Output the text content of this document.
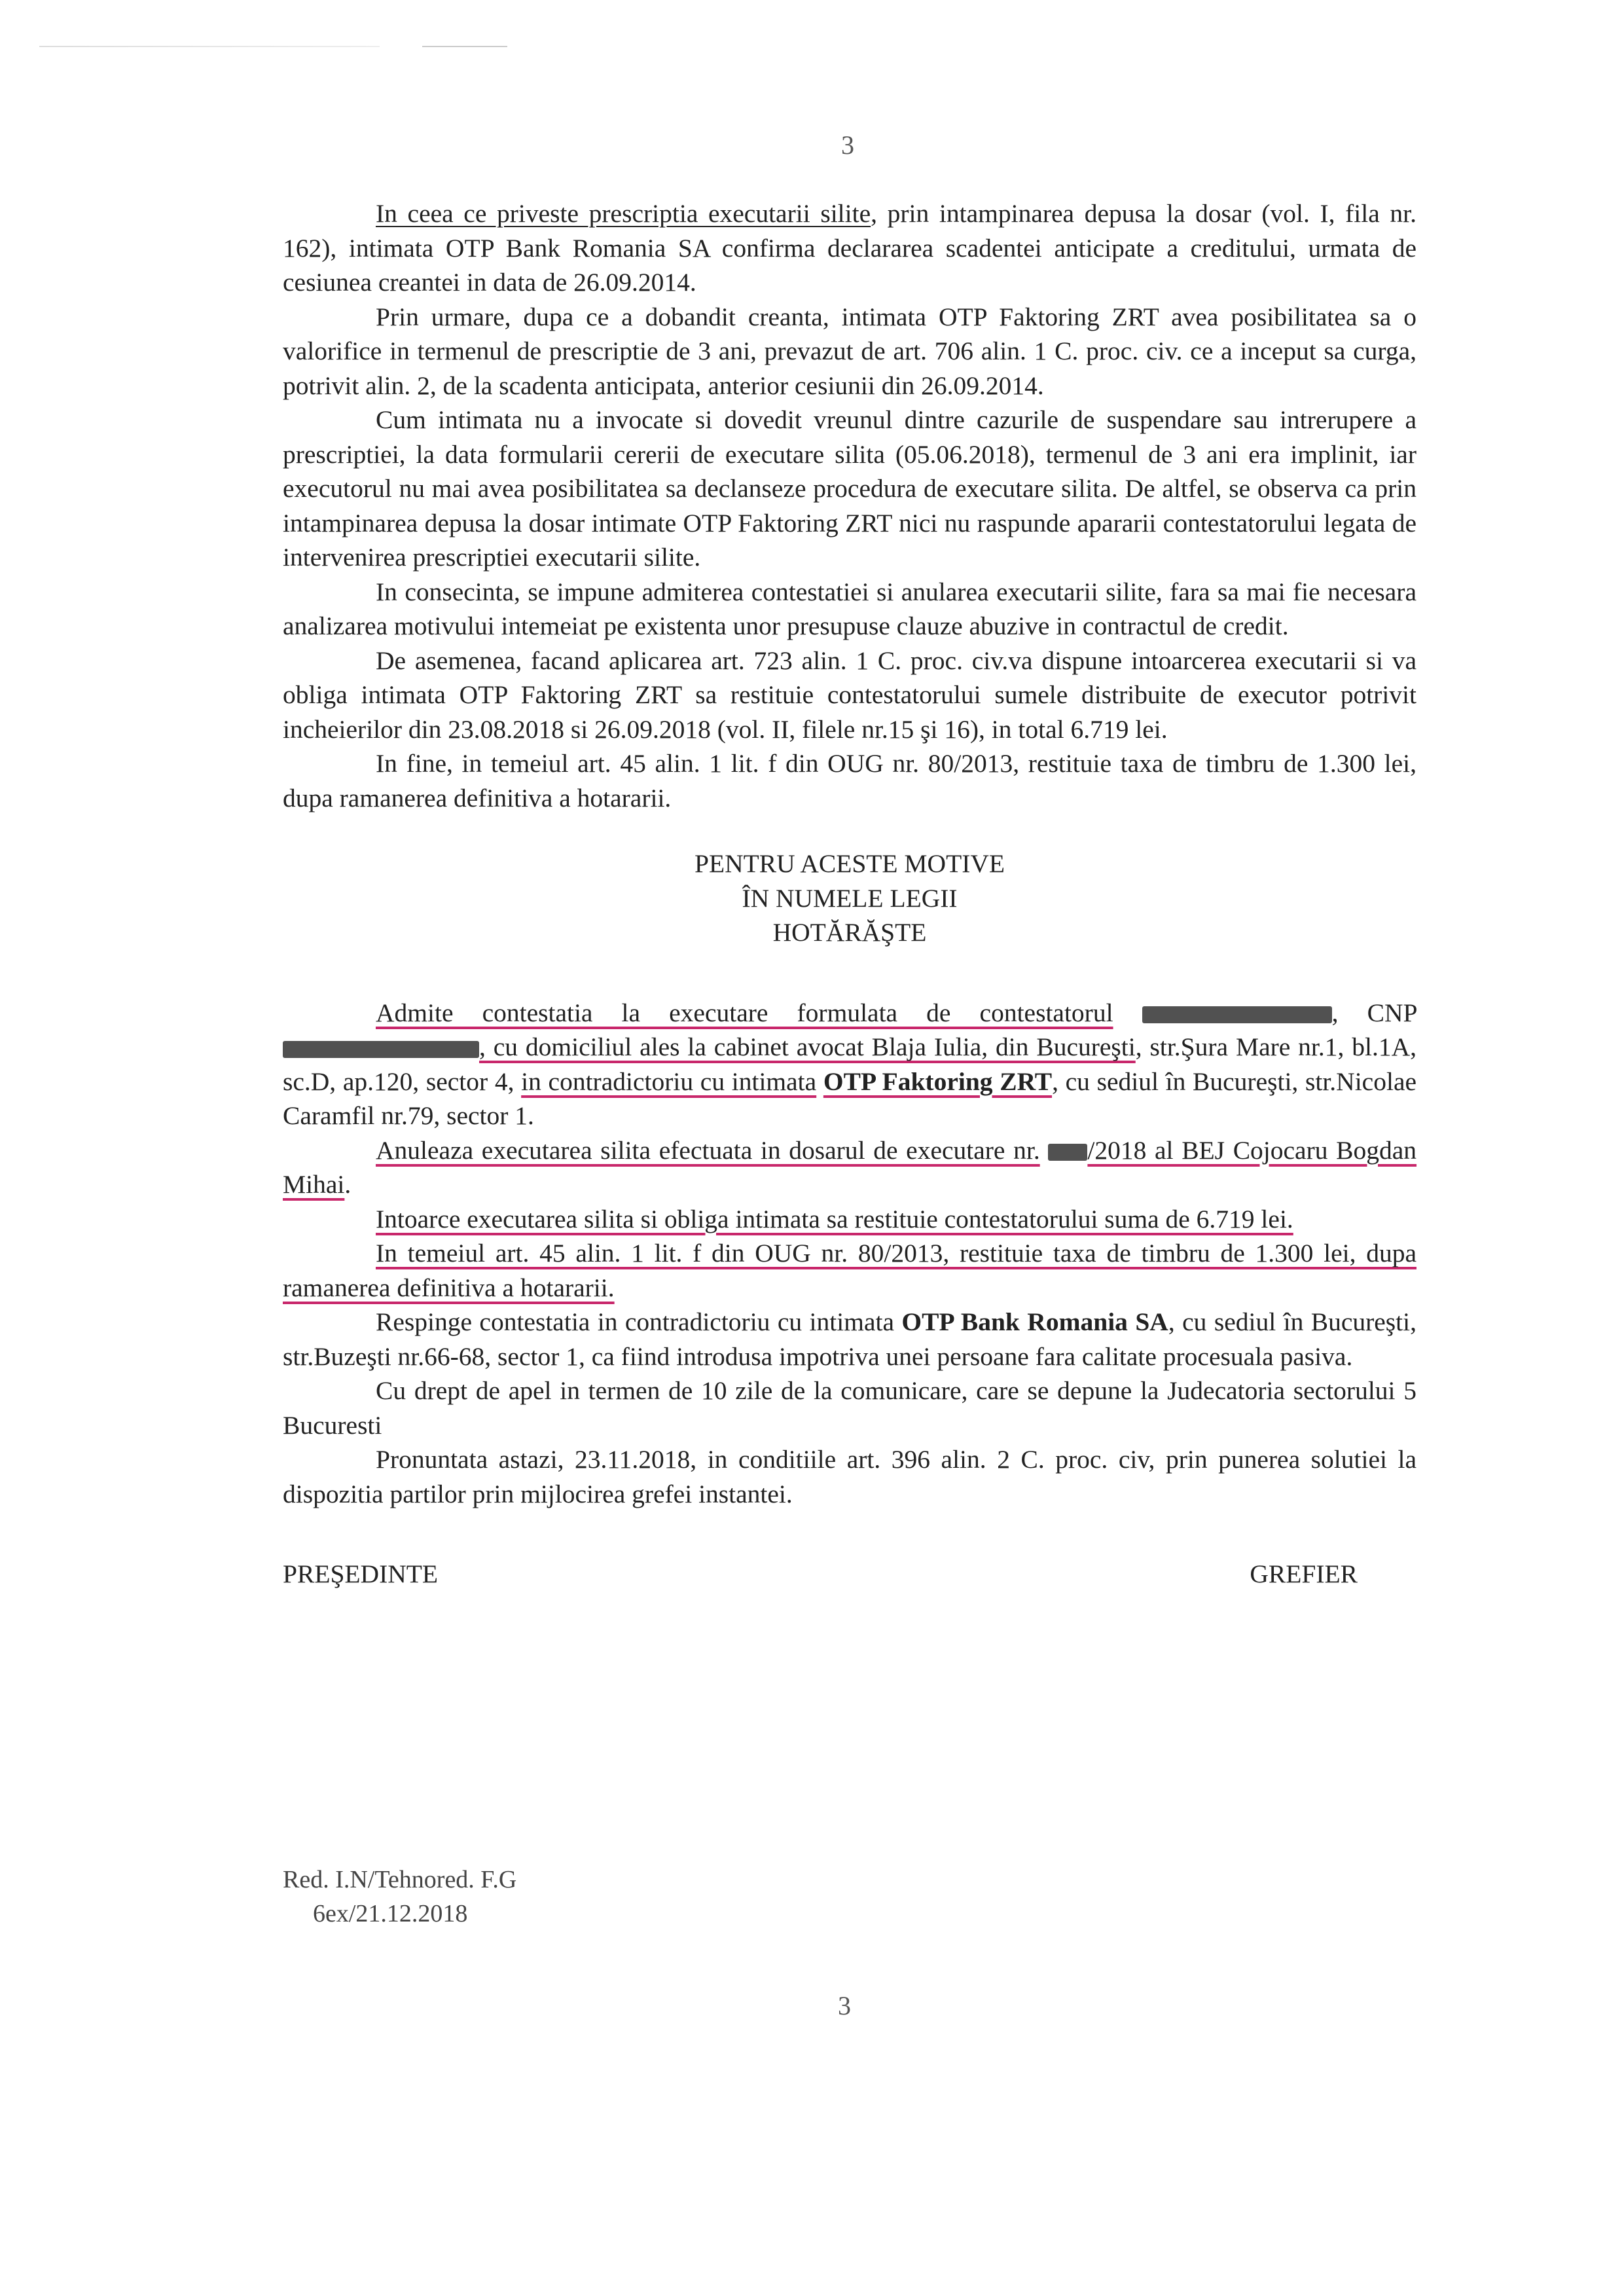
3

In ceea ce priveste prescriptia executarii silite, prin intampinarea depusa la dosar (vol. I, fila nr. 162), intimata OTP Bank Romania SA confirma declararea scadentei anticipate a creditului, urmata de cesiunea creantei in data de 26.09.2014.

Prin urmare, dupa ce a dobandit creanta, intimata OTP Faktoring ZRT avea posibilitatea sa o valorifice in termenul de prescriptie de 3 ani, prevazut de art. 706 alin. 1 C. proc. civ. ce a inceput sa curga, potrivit alin. 2, de la scadenta anticipata, anterior cesiunii din 26.09.2014.

Cum intimata nu a invocate si dovedit vreunul dintre cazurile de suspendare sau intrerupere a prescriptiei, la data formularii cererii de executare silita (05.06.2018), termenul de 3 ani era implinit, iar executorul nu mai avea posibilitatea sa declanseze procedura de executare silita. De altfel, se observa ca prin intampinarea depusa la dosar intimate OTP Faktoring ZRT nici nu raspunde apararii contestatorului legata de intervenirea prescriptiei executarii silite.

In consecinta, se impune admiterea contestatiei si anularea executarii silite, fara sa mai fie necesara analizarea motivului intemeiat pe existenta unor presupuse clauze abuzive in contractul de credit.

De asemenea, facand aplicarea art. 723 alin. 1 C. proc. civ.va dispune intoarcerea executarii si va obliga intimata OTP Faktoring ZRT sa restituie contestatorului sumele distribuite de executor potrivit incheierilor din 23.08.2018 si 26.09.2018 (vol. II, filele nr.15 şi 16), in total 6.719 lei.

In fine, in temeiul art. 45 alin. 1 lit. f din OUG nr. 80/2013, restituie taxa de timbru de 1.300 lei, dupa ramanerea definitiva a hotararii.

PENTRU ACESTE MOTIVE

ÎN NUMELE LEGII

HOTĂRĂŞTE

Admite contestatia la executare formulata de contestatorul	, CNP , cu domiciliul ales la cabinet avocat Blaja Iulia, din Bucureşti, str.Şura Mare nr.1, bl.1A, sc.D, ap.120, sector 4, in contradictoriu cu intimata OTP Faktoring ZRT, cu sediul în Bucureşti, str.Nicolae Caramfil nr.79, sector 1.

Anuleaza executarea silita efectuata in dosarul de executare nr. /2018 al BEJ Cojocaru Bogdan Mihai.

Intoarce executarea silita si obliga intimata sa restituie contestatorului suma de 6.719 lei.

In temeiul art. 45 alin. 1 lit. f din OUG nr. 80/2013, restituie taxa de timbru de 1.300 lei, dupa ramanerea definitiva a hotararii.

Respinge contestatia in contradictoriu cu intimata OTP Bank Romania SA, cu sediul în Bucureşti, str.Buzeşti nr.66-68, sector 1, ca fiind introdusa impotriva unei persoane fara calitate procesuala pasiva.

Cu drept de apel in termen de 10 zile de la comunicare, care se depune la Judecatoria sectorului 5 Bucuresti

Pronuntata astazi, 23.11.2018, in conditiile art. 396 alin. 2 C. proc. civ, prin punerea solutiei la dispozitia partilor prin mijlocirea grefei instantei.

PREŞEDINTE	GREFIER
Red. I.N/Tehnored. F.G
6ex/21.12.2018
3
